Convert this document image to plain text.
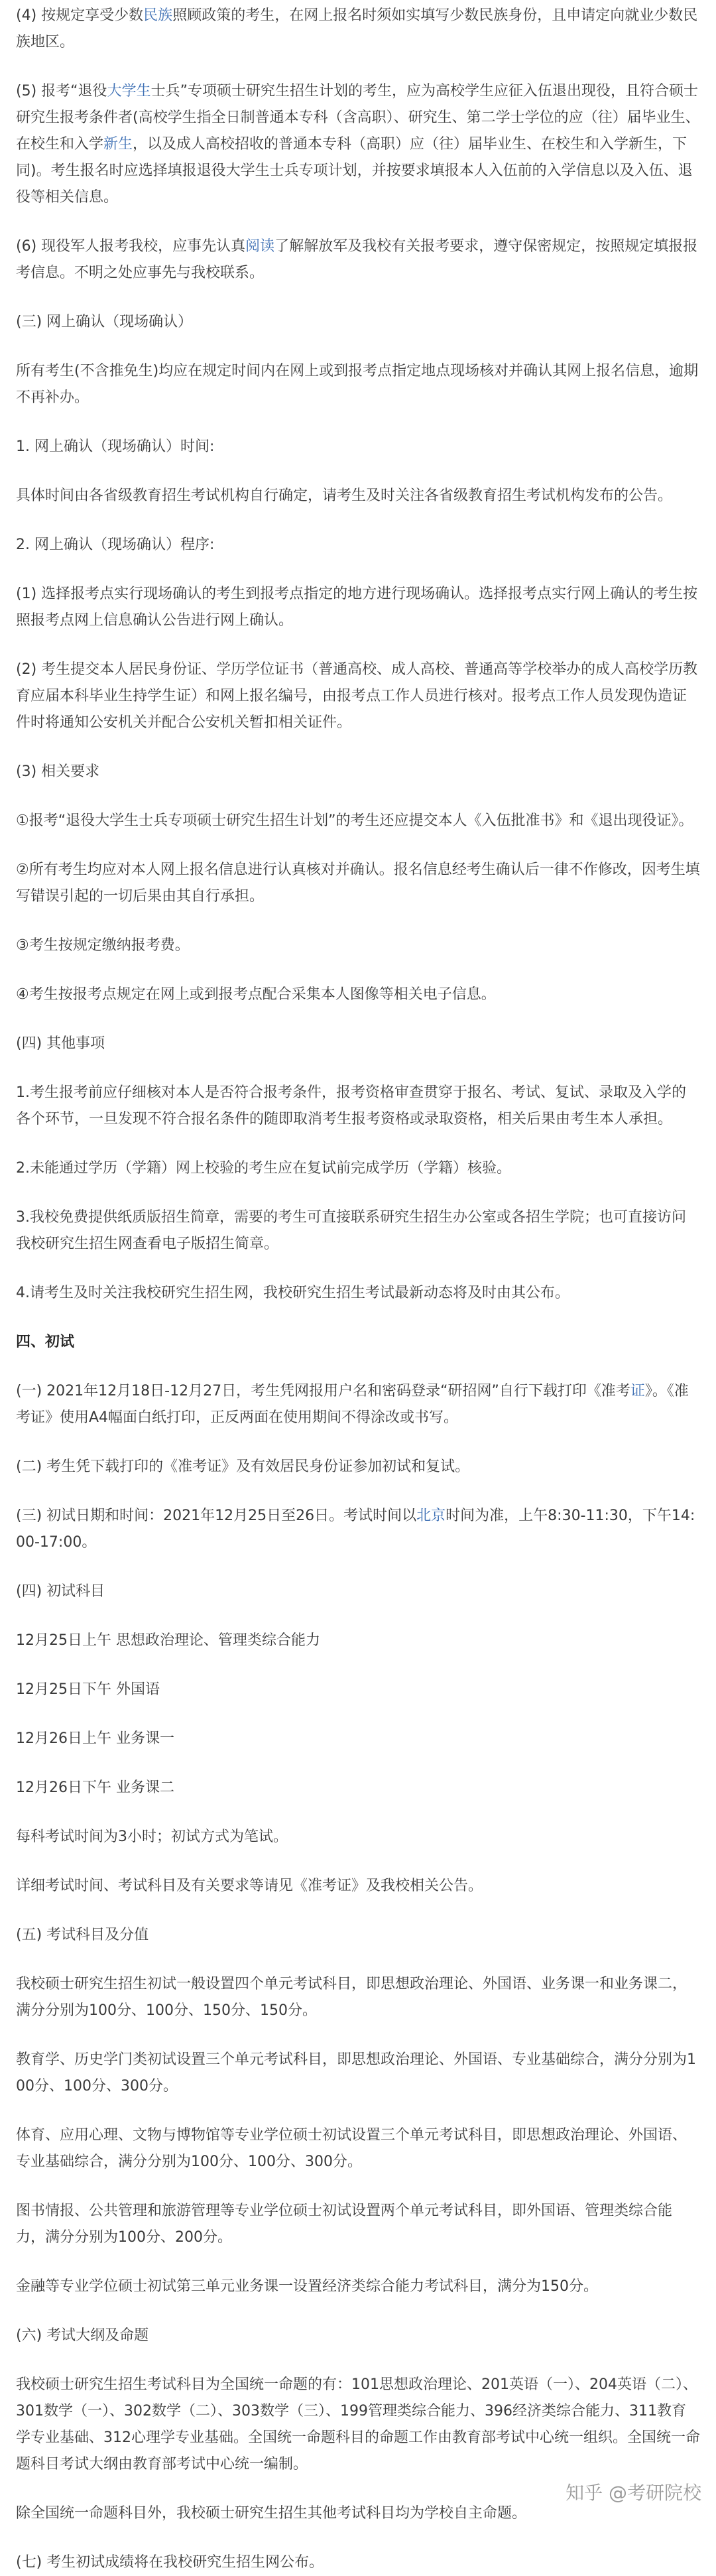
(4) 按规定享受少数民族照顾政策的考生，在网上报名时须如实填写少数民族身份，且申请定向就业少数民族地区。

(5) 报考“退役大学生士兵”专项硕士研究生招生计划的考生，应为高校学生应征入伍退出现役，且符合硕士研究生报考条件者(高校学生指全日制普通本专科（含高职）、研究生、第二学士学位的应（往）届毕业生、在校生和入学新生，以及成人高校招收的普通本专科（高职）应（往）届毕业生、在校生和入学新生，下同)。考生报名时应选择填报退役大学生士兵专项计划，并按要求填报本人入伍前的入学信息以及入伍、退役等相关信息。

(6) 现役军人报考我校，应事先认真阅读了解解放军及我校有关报考要求，遵守保密规定，按照规定填报报考信息。不明之处应事先与我校联系。

(三) 网上确认（现场确认）

所有考生(不含推免生)均应在规定时间内在网上或到报考点指定地点现场核对并确认其网上报名信息，逾期不再补办。

1. 网上确认（现场确认）时间:

具体时间由各省级教育招生考试机构自行确定，请考生及时关注各省级教育招生考试机构发布的公告。

2. 网上确认（现场确认）程序:

(1) 选择报考点实行现场确认的考生到报考点指定的地方进行现场确认。选择报考点实行网上确认的考生按照报考点网上信息确认公告进行网上确认。

(2) 考生提交本人居民身份证、学历学位证书（普通高校、成人高校、普通高等学校举办的成人高校学历教育应届本科毕业生持学生证）和网上报名编号，由报考点工作人员进行核对。报考点工作人员发现伪造证件时将通知公安机关并配合公安机关暂扣相关证件。

(3) 相关要求

①报考“退役大学生士兵专项硕士研究生招生计划”的考生还应提交本人《入伍批准书》和《退出现役证》。

②所有考生均应对本人网上报名信息进行认真核对并确认。报名信息经考生确认后一律不作修改，因考生填写错误引起的一切后果由其自行承担。

③考生按规定缴纳报考费。

④考生按报考点规定在网上或到报考点配合采集本人图像等相关电子信息。

(四) 其他事项

1.考生报考前应仔细核对本人是否符合报考条件，报考资格审查贯穿于报名、考试、复试、录取及入学的各个环节，一旦发现不符合报名条件的随即取消考生报考资格或录取资格，相关后果由考生本人承担。

2.未能通过学历（学籍）网上校验的考生应在复试前完成学历（学籍）核验。

3.我校免费提供纸质版招生简章，需要的考生可直接联系研究生招生办公室或各招生学院；也可直接访问我校研究生招生网查看电子版招生简章。

4.请考生及时关注我校研究生招生网，我校研究生招生考试最新动态将及时由其公布。

四、初试

(一) 2021年12月18日-12月27日，考生凭网报用户名和密码登录“研招网”自行下载打印《准考证》。《准考证》使用A4幅面白纸打印，正反两面在使用期间不得涂改或书写。

(二) 考生凭下载打印的《准考证》及有效居民身份证参加初试和复试。

(三) 初试日期和时间：2021年12月25日至26日。考试时间以北京时间为准，上午8:30-11:30，下午14:00-17:00。

(四) 初试科目

12月25日上午 思想政治理论、管理类综合能力

12月25日下午 外国语

12月26日上午 业务课一

12月26日下午 业务课二

每科考试时间为3小时；初试方式为笔试。

详细考试时间、考试科目及有关要求等请见《准考证》及我校相关公告。

(五) 考试科目及分值

我校硕士研究生招生初试一般设置四个单元考试科目，即思想政治理论、外国语、业务课一和业务课二，满分分别为100分、100分、150分、150分。

教育学、历史学门类初试设置三个单元考试科目，即思想政治理论、外国语、专业基础综合，满分分别为100分、100分、300分。

体育、应用心理、文物与博物馆等专业学位硕士初试设置三个单元考试科目，即思想政治理论、外国语、专业基础综合，满分分别为100分、100分、300分。

图书情报、公共管理和旅游管理等专业学位硕士初试设置两个单元考试科目，即外国语、管理类综合能力，满分分别为100分、200分。

金融等专业学位硕士初试第三单元业务课一设置经济类综合能力考试科目，满分为150分。

(六) 考试大纲及命题

我校硕士研究生招生考试科目为全国统一命题的有：101思想政治理论、201英语（一）、204英语（二）、301数学（一）、302数学（二）、303数学（三）、199管理类综合能力、396经济类综合能力、311教育学专业基础、312心理学专业基础。全国统一命题科目的命题工作由教育部考试中心统一组织。全国统一命题科目考试大纲由教育部考试中心统一编制。

除全国统一命题科目外，我校硕士研究生招生其他考试科目均为学校自主命题。

(七) 考生初试成绩将在我校研究生招生网公布。

知乎 @考研院校
